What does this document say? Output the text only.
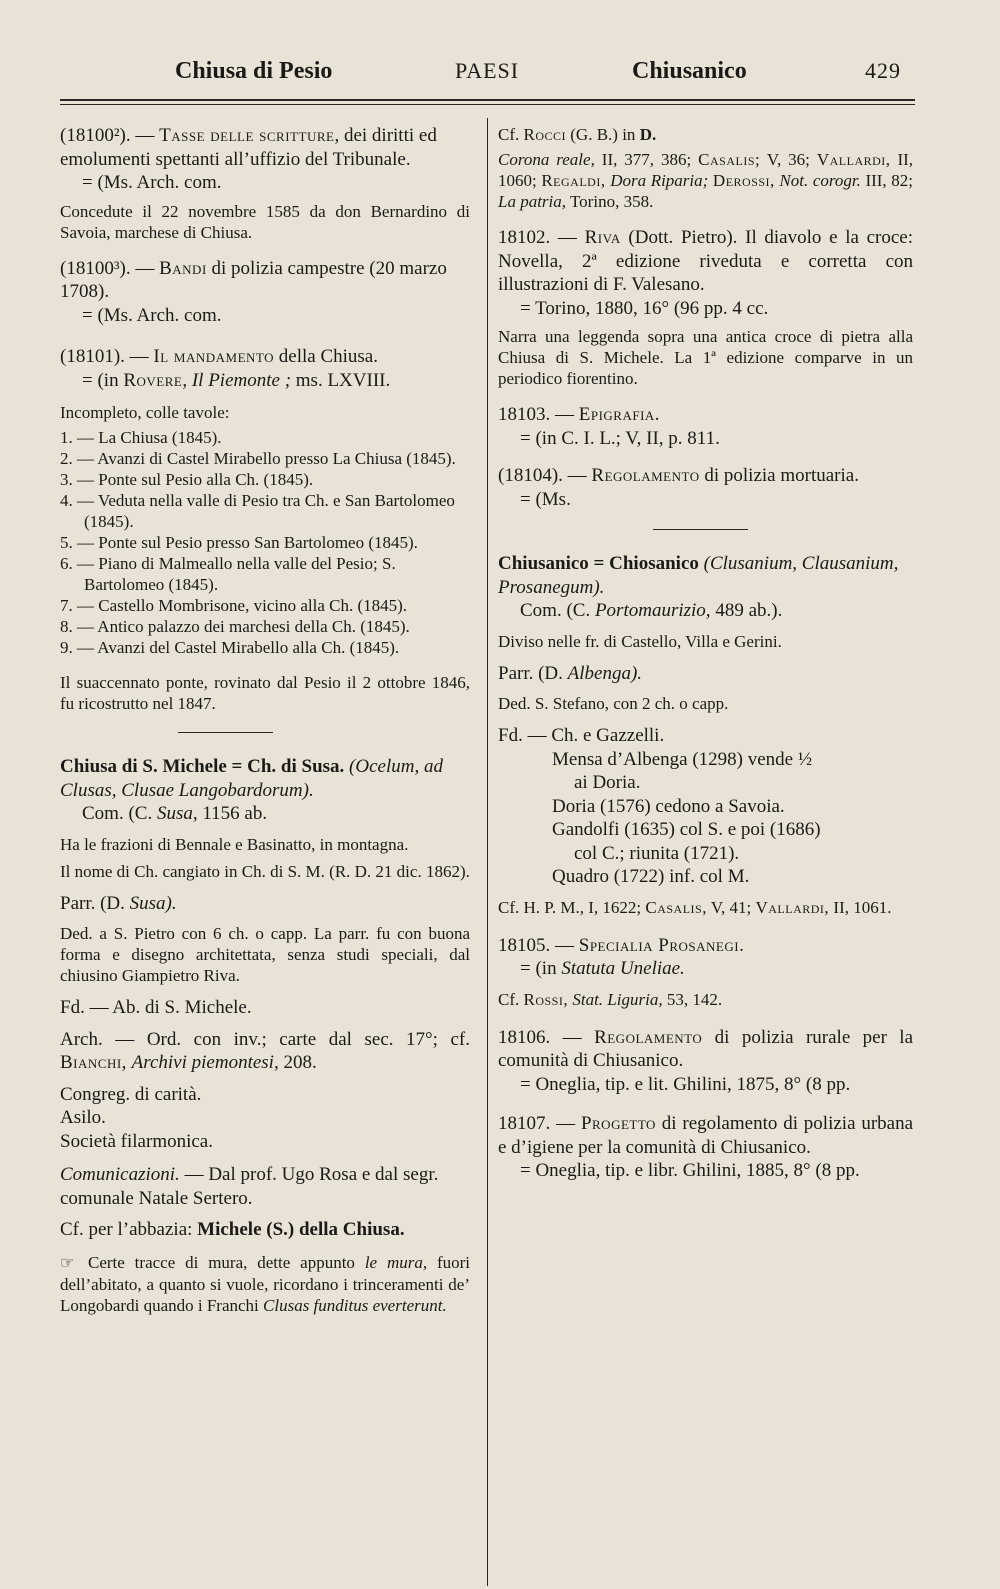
Chiusa di Pesio	PAESI	Chiusanico	429

(18100²). — Tasse delle scritture, dei diritti ed emolumenti spettanti all’uffizio del Tribunale.

= (Ms. Arch. com.

Concedute il 22 novembre 1585 da don Bernardino di Savoia, marchese di Chiusa.

(18100³). — Bandi di polizia campestre (20 marzo 1708).

= (Ms. Arch. com.

(18101). — Il mandamento della Chiusa.

= (in Rovere, Il Piemonte ; ms. LXVIII.

Incompleto, colle tavole:

1. — La Chiusa (1845).

2. — Avanzi di Castel Mirabello presso La Chiusa (1845).

3. — Ponte sul Pesio alla Ch. (1845).

4. — Veduta nella valle di Pesio tra Ch. e San Bartolomeo (1845).

5. — Ponte sul Pesio presso San Bartolomeo (1845).

6. — Piano di Malmeallo nella valle del Pesio; S. Bartolomeo (1845).

7. — Castello Mombrisone, vicino alla Ch. (1845).

8. — Antico palazzo dei marchesi della Ch. (1845).

9. — Avanzi del Castel Mirabello alla Ch. (1845).

Il suaccennato ponte, rovinato dal Pesio il 2 ottobre 1846, fu ricostrutto nel 1847.

Chiusa di S. Michele = Ch. di Susa. (Ocelum, ad Clusas, Clusae Langobardorum).

Com. (C. Susa, 1156 ab.

Ha le frazioni di Bennale e Basinatto, in montagna.

Il nome di Ch. cangiato in Ch. di S. M. (R. D. 21 dic. 1862).

Parr. (D. Susa).

Ded. a S. Pietro con 6 ch. o capp. La parr. fu con buona forma e disegno architettata, senza studi speciali, dal chiusino Giampietro Riva.

Fd. — Ab. di S. Michele.

Arch. — Ord. con inv.; carte dal sec. 17°; cf. Bianchi, Archivi piemontesi, 208.

Congreg. di carità.

Asilo.

Società filarmonica.

Comunicazioni. — Dal prof. Ugo Rosa e dal segr. comunale Natale Sertero.

Cf. per l’abbazia: Michele (S.) della Chiusa.

☞ Certe tracce di mura, dette appunto le mura, fuori dell’abitato, a quanto si vuole, ricordano i trinceramenti de’ Longobardi quando i Franchi Clusas funditus everterunt.

Cf. Rocci (G. B.) in D.

Corona reale, II, 377, 386; Casalis; V, 36; Vallardi, II, 1060; Regaldi, Dora Riparia; Derossi, Not. corogr. III, 82; La patria, Torino, 358.

18102. — Riva (Dott. Pietro). Il diavolo e la croce: Novella, 2ª edizione riveduta e corretta con illustrazioni di F. Valesano.

= Torino, 1880, 16° (96 pp. 4 cc.

Narra una leggenda sopra una antica croce di pietra alla Chiusa di S. Michele. La 1ª edizione comparve in un periodico fiorentino.

18103. — Epigrafia.

= (in C. I. L.; V, II, p. 811.

(18104). — Regolamento di polizia mortuaria.

= (Ms.

Chiusanico = Chiosanico (Clusanium, Clausanium, Prosanegum).

Com. (C. Portomaurizio, 489 ab.).

Diviso nelle fr. di Castello, Villa e Gerini.

Parr. (D. Albenga).

Ded. S. Stefano, con 2 ch. o capp.

Fd. — Ch. e Gazzelli.

Mensa d’Albenga (1298) vende ½

ai Doria.

Doria (1576) cedono a Savoia.

Gandolfi (1635) col S. e poi (1686)

col C.; riunita (1721).

Quadro (1722) inf. col M.

Cf. H. P. M., I, 1622; Casalis, V, 41; Vallardi, II, 1061.

18105. — Specialia Prosanegi.

= (in Statuta Uneliae.

Cf. Rossi, Stat. Liguria, 53, 142.

18106. — Regolamento di polizia rurale per la comunità di Chiusanico.

= Oneglia, tip. e lit. Ghilini, 1875, 8° (8 pp.

18107. — Progetto di regolamento di polizia urbana e d’igiene per la comunità di Chiusanico.

= Oneglia, tip. e libr. Ghilini, 1885, 8° (8 pp.
